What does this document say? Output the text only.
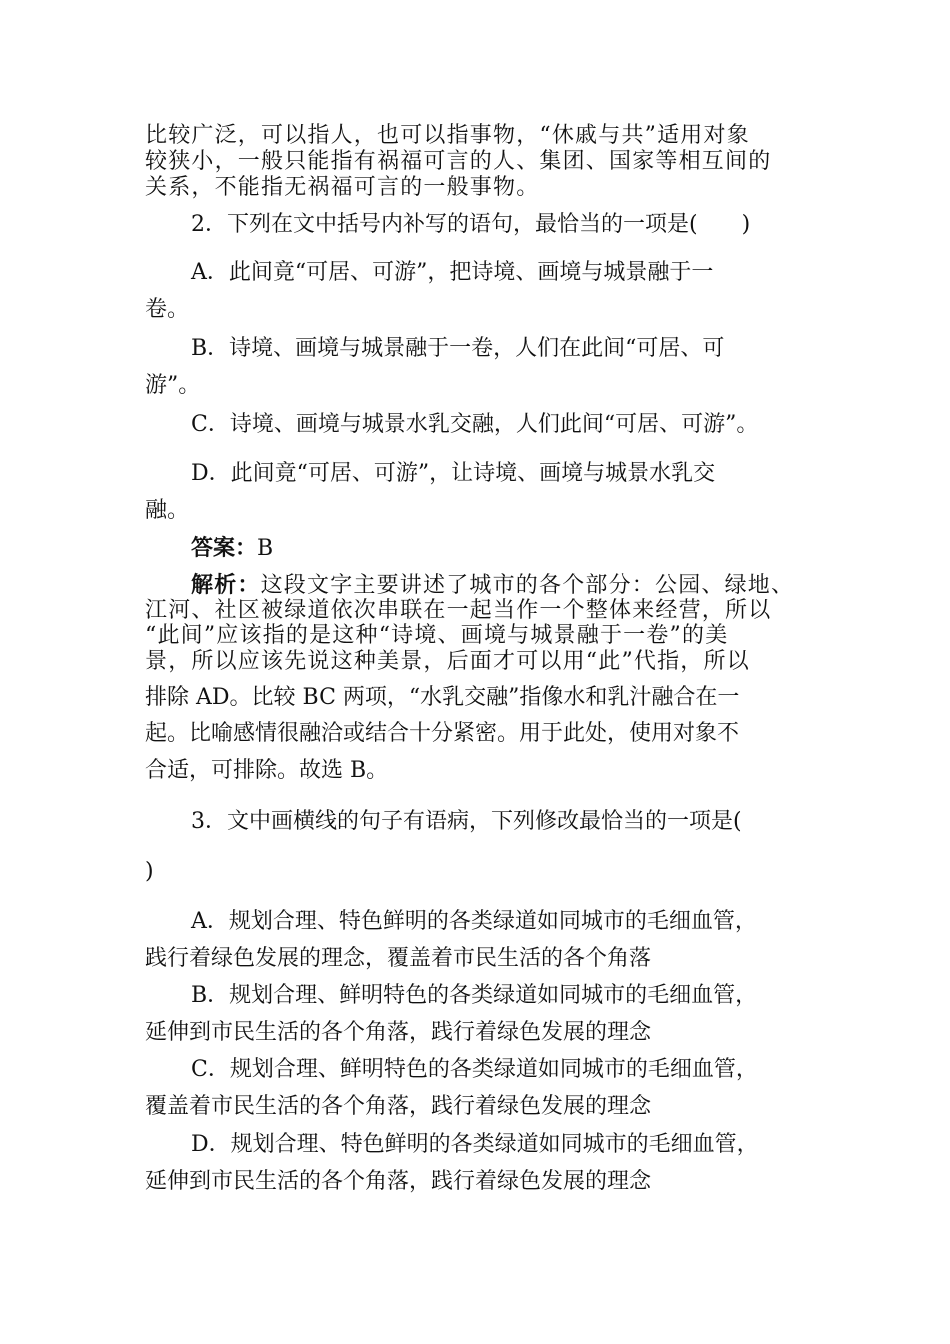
比较广泛，可以指人，也可以指事物，“休戚与共”适用对象

较狭小，一般只能指有祸福可言的人、集团、国家等相互间的

关系，不能指无祸福可言的一般事物。

2．下列在文中括号内补写的语句，最恰当的一项是(　　)

A．此间竟“可居、可游”，把诗境、画境与城景融于一

卷。

B．诗境、画境与城景融于一卷，人们在此间“可居、可

游”。

C．诗境、画境与城景水乳交融，人们此间“可居、可游”。

D．此间竟“可居、可游”，让诗境、画境与城景水乳交

融。

答案：B

解析：这段文字主要讲述了城市的各个部分：公园、绿地、

江河、社区被绿道依次串联在一起当作一个整体来经营，所以

“此间”应该指的是这种“诗境、画境与城景融于一卷”的美

景，所以应该先说这种美景，后面才可以用“此”代指，所以

排除 AD。比较 BC 两项，“水乳交融”指像水和乳汁融合在一

起。比喻感情很融洽或结合十分紧密。用于此处，使用对象不

合适，可排除。故选 B。

3．文中画横线的句子有语病，下列修改最恰当的一项是(

)

A．规划合理、特色鲜明的各类绿道如同城市的毛细血管，

践行着绿色发展的理念，覆盖着市民生活的各个角落

B．规划合理、鲜明特色的各类绿道如同城市的毛细血管，

延伸到市民生活的各个角落，践行着绿色发展的理念

C．规划合理、鲜明特色的各类绿道如同城市的毛细血管，

覆盖着市民生活的各个角落，践行着绿色发展的理念

D．规划合理、特色鲜明的各类绿道如同城市的毛细血管，

延伸到市民生活的各个角落，践行着绿色发展的理念
